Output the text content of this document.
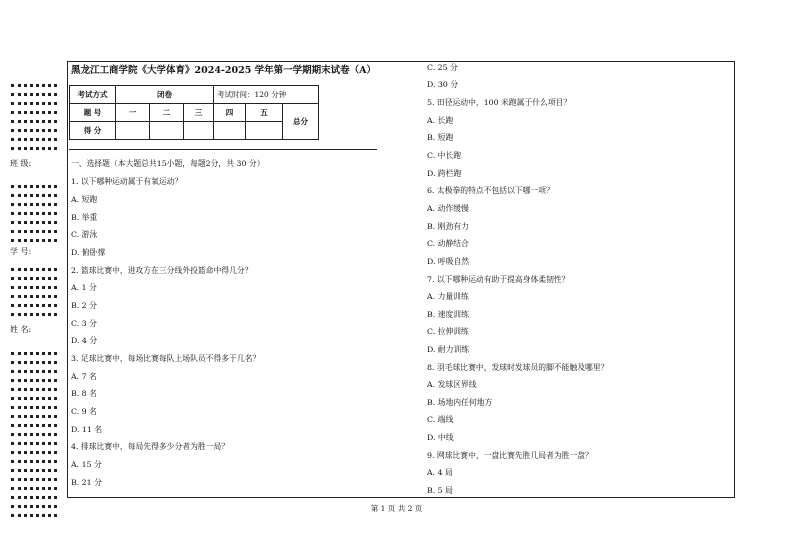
班 级:
学 号:
姓 名:
黑龙江工商学院《大学体育》2024-2025 学年第一学期期末试卷（A）
考试方式	闭卷			考试时间：120 分钟		
题 号	一	二	三	四	五	总分
得 分						
一、选择题（本大题总共15小题，每题2分，共 30 分）
1. 以下哪种运动属于有氧运动？
A. 短跑
B. 举重
C. 游泳
D. 俯卧撑
2. 篮球比赛中，进攻方在三分线外投篮命中得几分？
A. 1 分
B. 2 分
C. 3 分
D. 4 分
3. 足球比赛中，每场比赛每队上场队员不得多于几名？
A. 7 名
B. 8 名
C. 9 名
D. 11 名
4. 排球比赛中，每局先得多少分者为胜一局？
A. 15 分
B. 21 分
C. 25 分
D. 30 分
5. 田径运动中，100 米跑属于什么项目？
A. 长跑
B. 短跑
C. 中长跑
D. 跨栏跑
6. 太极拳的特点不包括以下哪一项？
A. 动作缓慢
B. 刚劲有力
C. 动静结合
D. 呼吸自然
7. 以下哪种运动有助于提高身体柔韧性？
A. 力量训练
B. 速度训练
C. 拉伸训练
D. 耐力训练
8. 羽毛球比赛中，发球时发球员的脚不能触及哪里？
A. 发球区界线
B. 场地内任何地方
C. 端线
D. 中线
9. 网球比赛中，一盘比赛先胜几局者为胜一盘？
A. 4 局
B. 5 局
第 1 页 共 2 页
